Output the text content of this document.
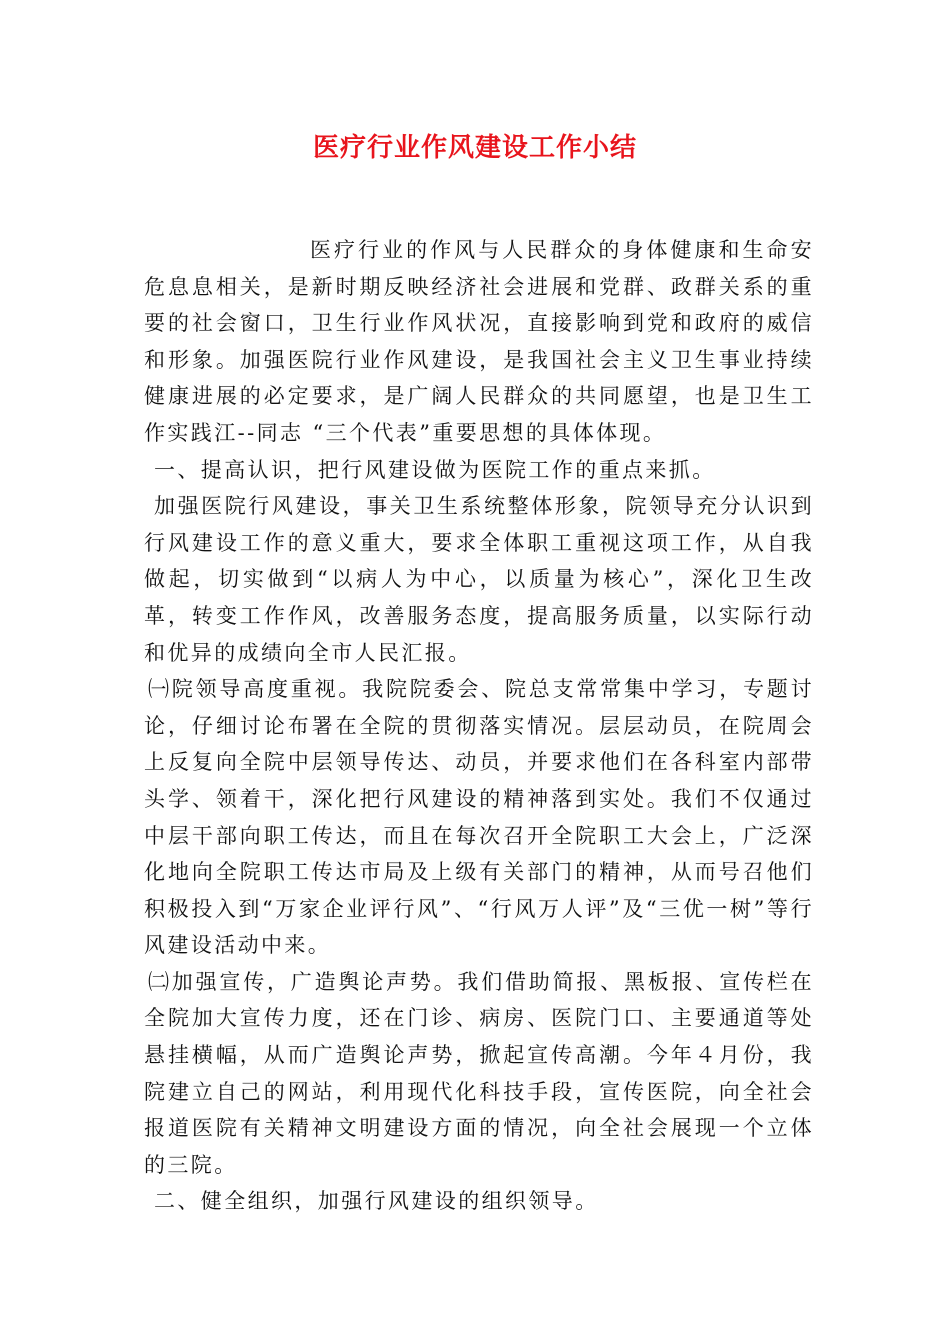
医疗行业作风建设工作小结

医疗行业的作风与人民群众的身体健康和生命安危息息相关，是新时期反映经济社会进展和党群、政群关系的重要的社会窗口，卫生行业作风状况，直接影响到党和政府的威信和形象。加强医院行业作风建设，是我国社会主义卫生事业持续健康进展的必定要求，是广阔人民群众的共同愿望，也是卫生工作实践江--同志 “三个代表”重要思想的具体体现。

一、提高认识，把行风建设做为医院工作的重点来抓。

加强医院行风建设，事关卫生系统整体形象，院领导充分认识到行风建设工作的意义重大，要求全体职工重视这项工作，从自我做起，切实做到“以病人为中心，以质量为核心”，深化卫生改革，转变工作作风，改善服务态度，提高服务质量，以实际行动和优异的成绩向全市人民汇报。

㈠院领导高度重视。我院院委会、院总支常常集中学习，专题讨论，仔细讨论布署在全院的贯彻落实情况。层层动员，在院周会上反复向全院中层领导传达、动员，并要求他们在各科室内部带头学、领着干，深化把行风建设的精神落到实处。我们不仅通过中层干部向职工传达，而且在每次召开全院职工大会上，广泛深化地向全院职工传达市局及上级有关部门的精神，从而号召他们积极投入到“万家企业评行风”、“行风万人评”及“三优一树”等行风建设活动中来。

㈡加强宣传，广造舆论声势。我们借助简报、黑板报、宣传栏在全院加大宣传力度，还在门诊、病房、医院门口、主要通道等处悬挂横幅，从而广造舆论声势，掀起宣传高潮。今年４月份，我院建立自己的网站，利用现代化科技手段，宣传医院，向全社会报道医院有关精神文明建设方面的情况，向全社会展现一个立体的三院。

二、健全组织，加强行风建设的组织领导。
